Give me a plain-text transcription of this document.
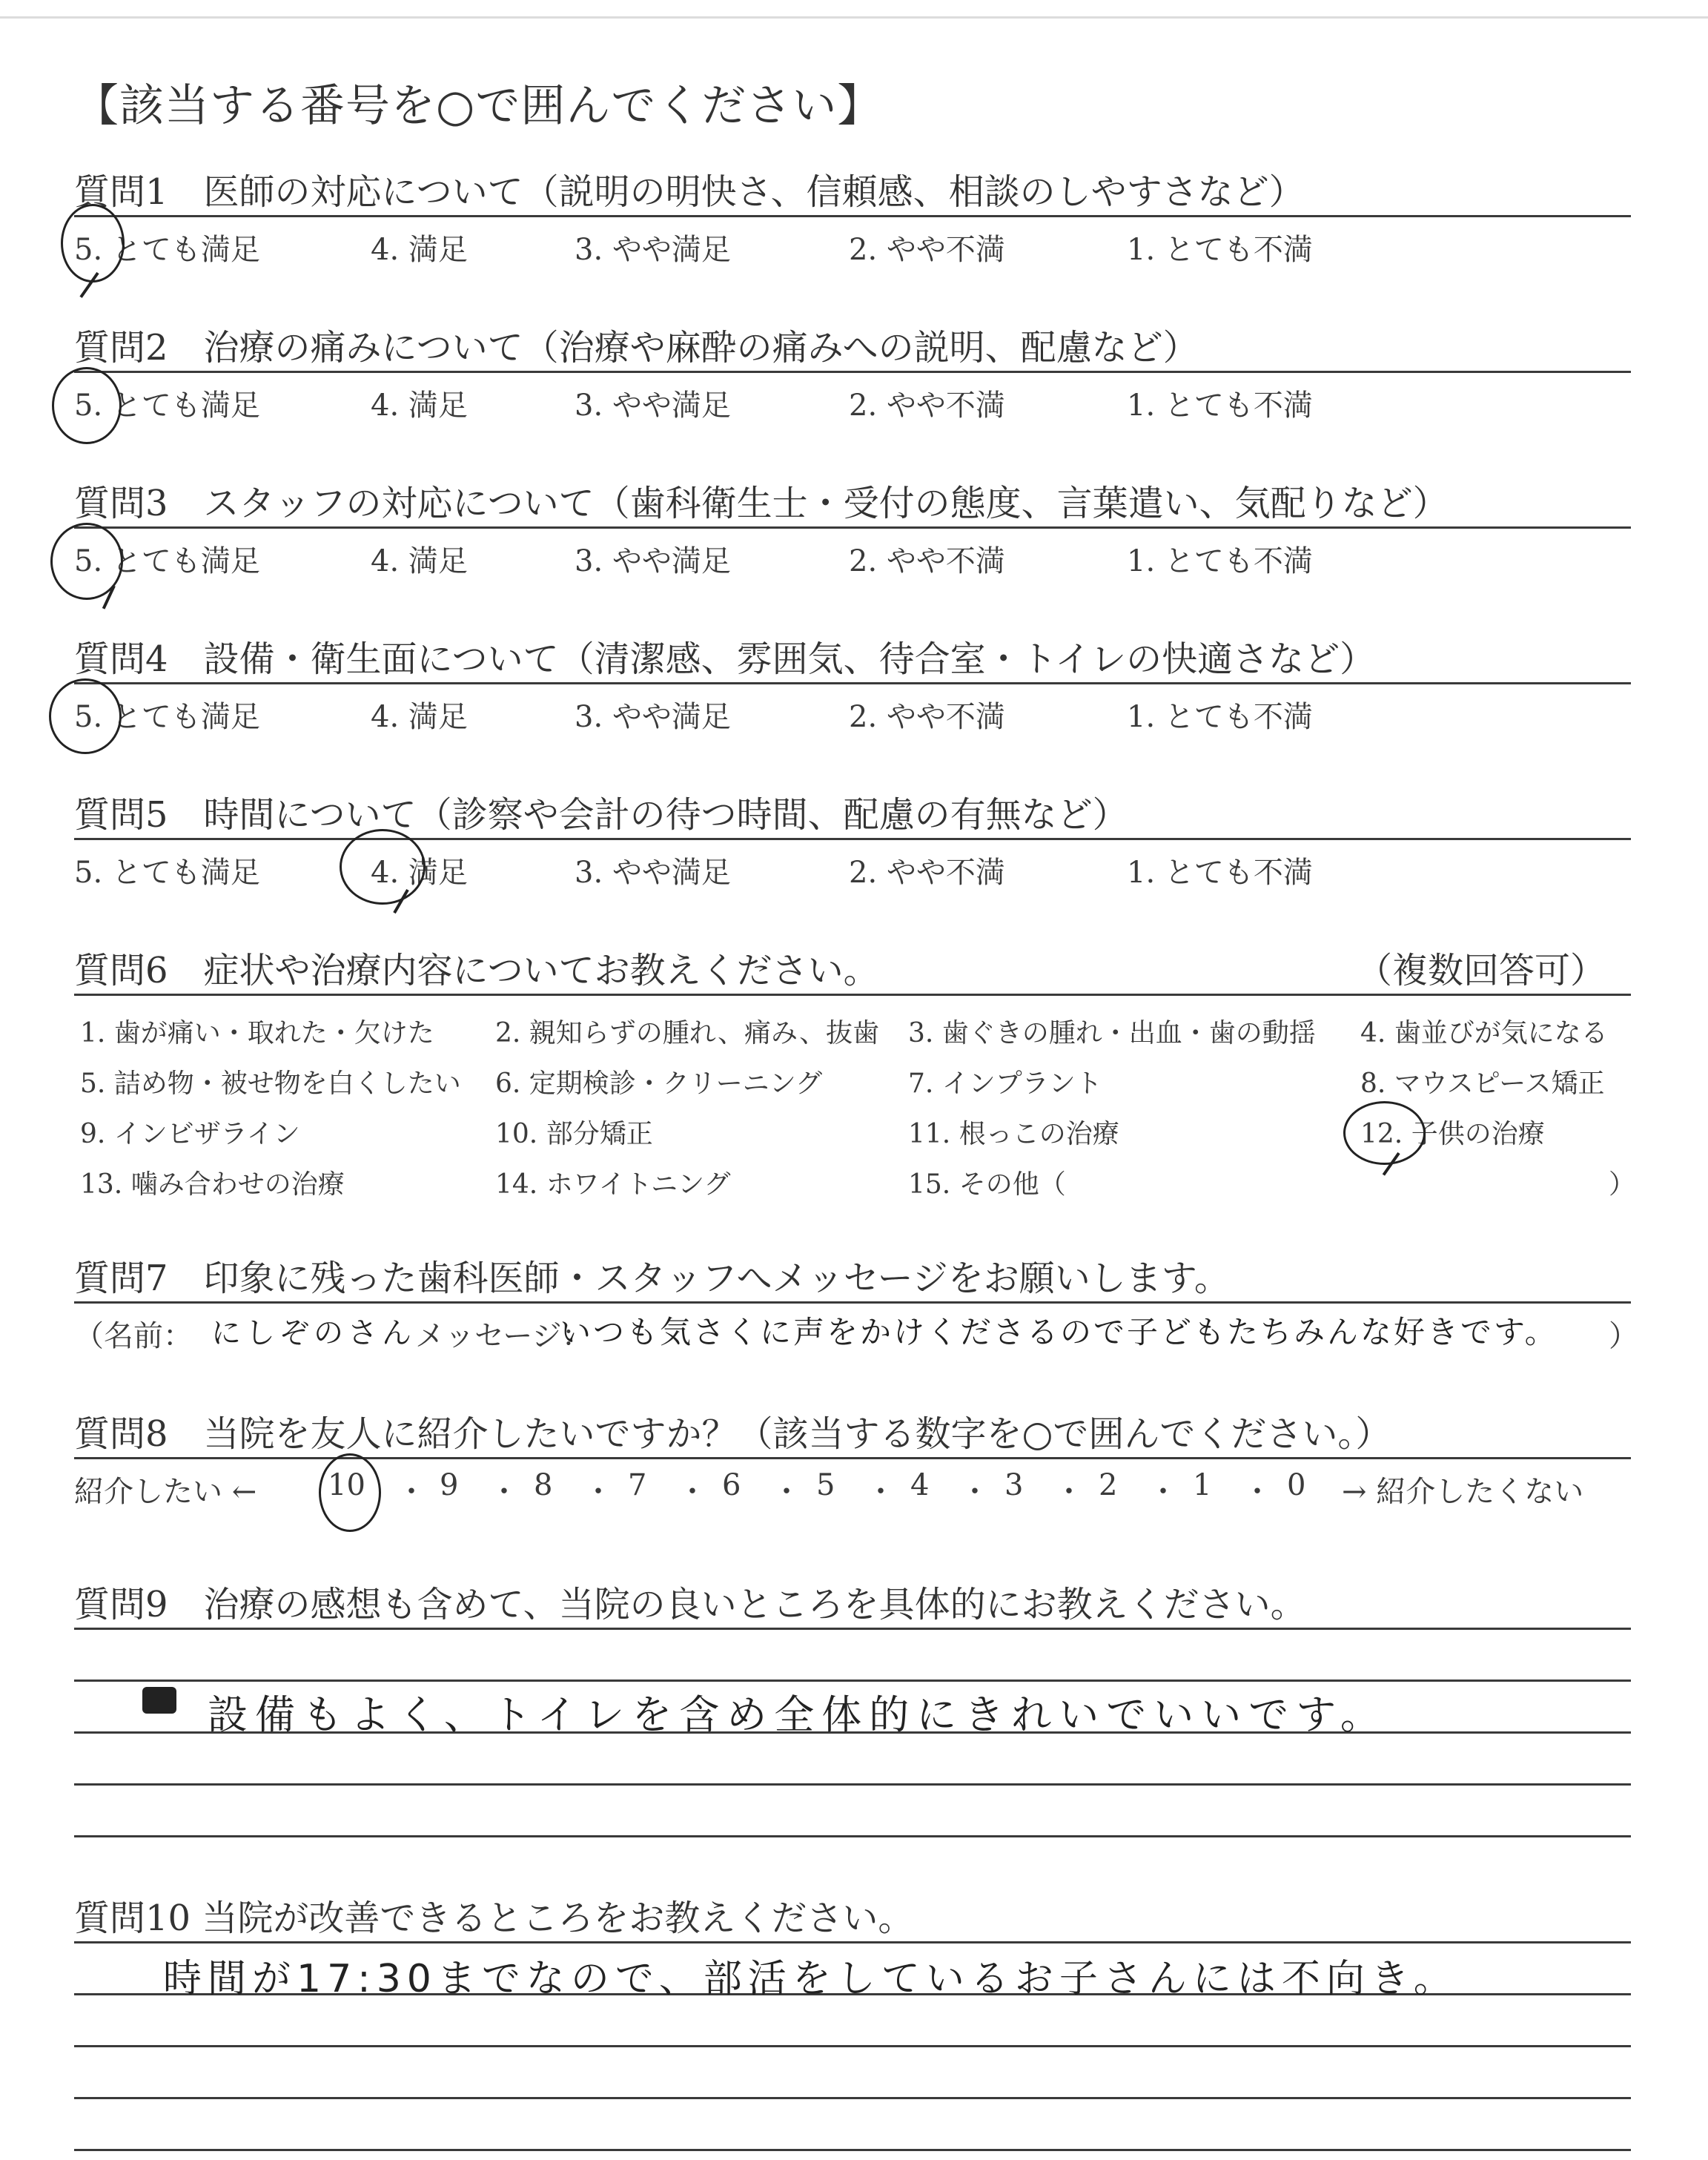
【該当する番号を○で囲んでください】
質問1　医師の対応について（説明の明快さ、信頼感、相談のしやすさなど）
5. とても満足	4. 満足	3. やや満足	2. やや不満	1. とても不満
質問2　治療の痛みについて（治療や麻酔の痛みへの説明、配慮など）
5. とても満足	4. 満足	3. やや満足	2. やや不満	1. とても不満
質問3　スタッフの対応について（歯科衛生士・受付の態度、言葉遣い、気配りなど）
5. とても満足	4. 満足	3. やや満足	2. やや不満	1. とても不満
質問4　設備・衛生面について（清潔感、雰囲気、待合室・トイレの快適さなど）
5. とても満足	4. 満足	3. やや満足	2. やや不満	1. とても不満
質問5　時間について（診察や会計の待つ時間、配慮の有無など）
5. とても満足	4. 満足	3. やや満足	2. やや不満	1. とても不満
質問6　症状や治療内容についてお教えください。	（複数回答可）
1. 歯が痛い・取れた・欠けた 2. 親知らずの腫れ、痛み、抜歯 3. 歯ぐきの腫れ・出血・歯の動揺 4. 歯並びが気になる
5. 詰め物・被せ物を白くしたい 6. 定期検診・クリーニング	7. インプラント	8. マウスピース矯正
9. インビザライン	10. 部分矯正	11. 根っこの治療	12. 子供の治療
13. 噛み合わせの治療	14. ホワイトニング	15. その他（	）
質問7　印象に残った歯科医師・スタッフへメッセージをお願いします。
（名前： にしぞのさん メッセージ：
いつも気さくに声をかけくださるので子どもたちみんな好きです。 ）
質問8　当院を友人に紹介したいですか？（該当する数字を○で囲んでください。）
紹介したい ← 10 ・ 9 ・ 8 ・ 7 ・ 6 ・ 5 ・ 4 ・ 3 ・ 2 ・ 1 ・ 0 → 紹介したくない
質問9　治療の感想も含めて、当院の良いところを具体的にお教えください。
設備もよく、トイレを含め全体的にきれいでいいです。
質問10 当院が改善できるところをお教えください。
時間が17:30までなので、部活をしているお子さんには不向き。
